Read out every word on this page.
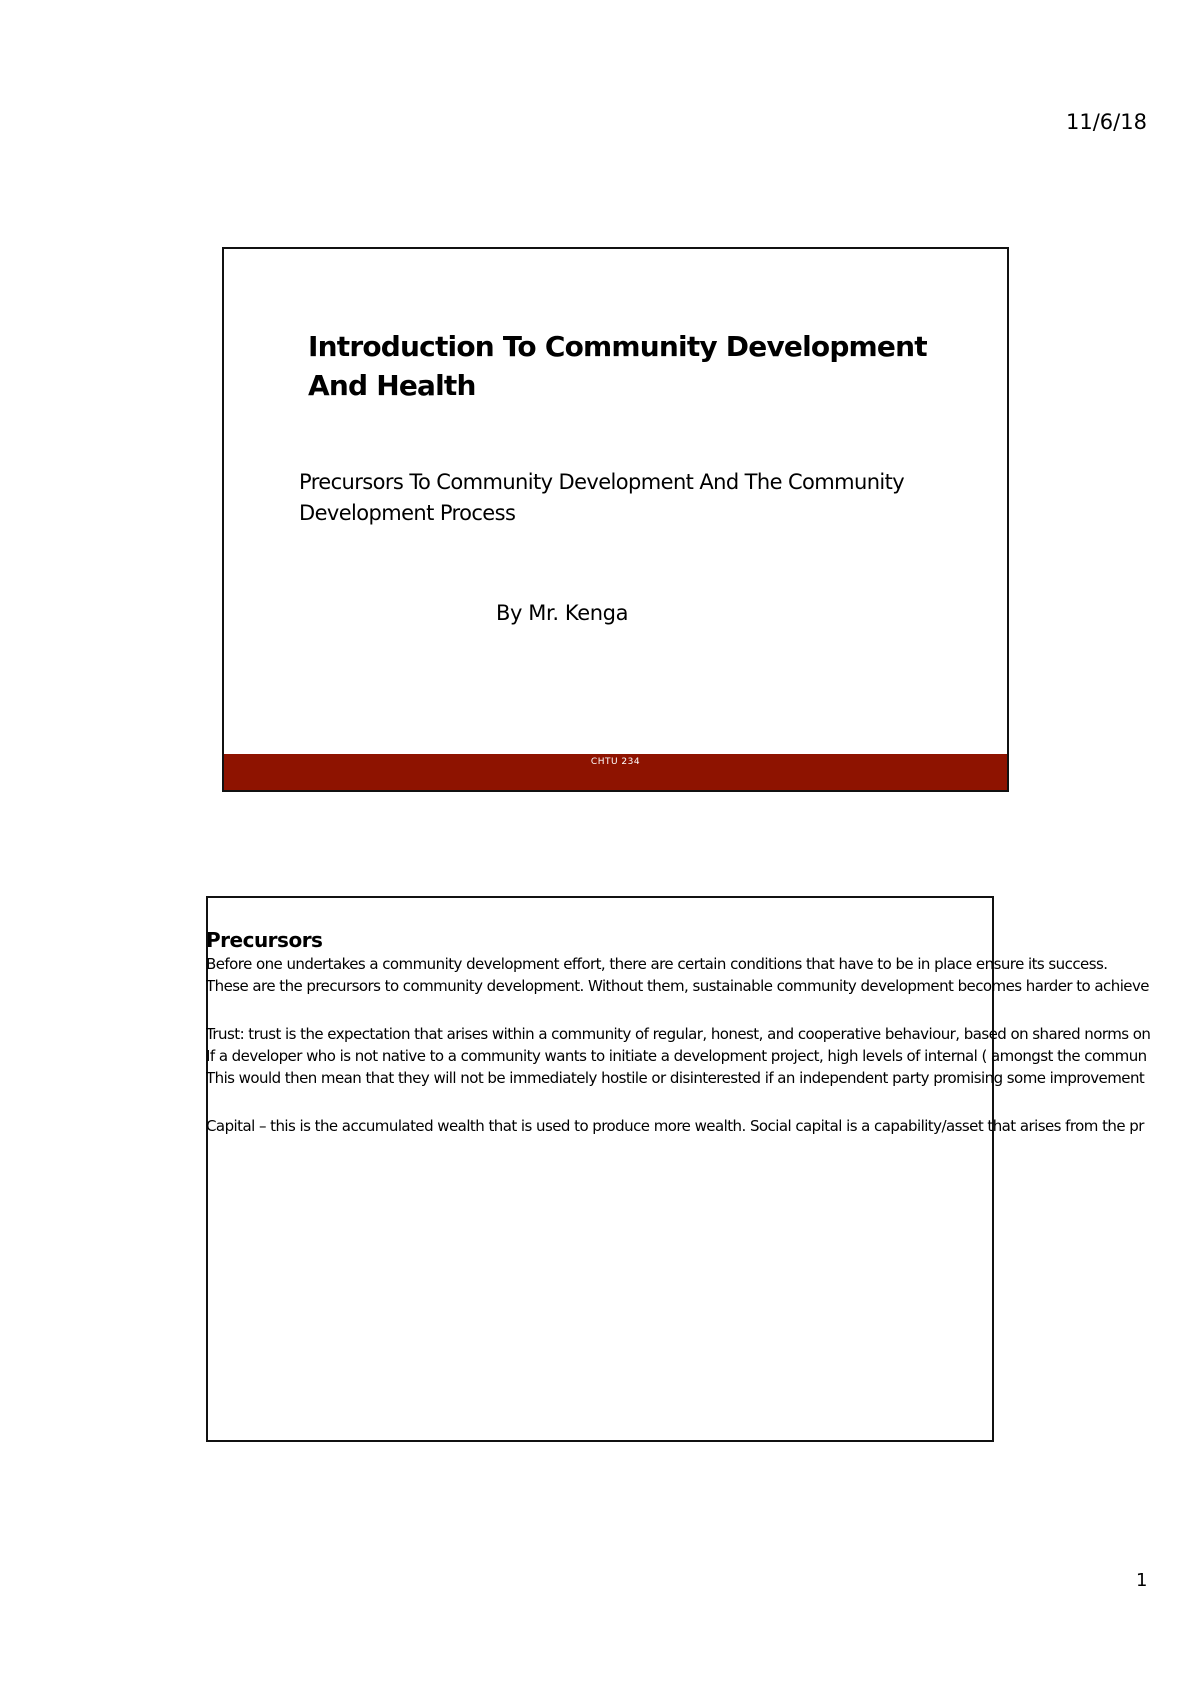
11/6/18
Introduction To Community Development And Health
Precursors To Community Development And The Community Development Process
By Mr. Kenga
CHTU 234
Precursors
Before one undertakes a community development effort, there are certain conditions that have to be in place ensure its success.
These are the precursors to community development. Without them, sustainable community development becomes harder to achieve
Trust: trust is the expectation that arises within a community of regular, honest, and cooperative behaviour, based on shared norms on
If a developer who is not native to a community wants to initiate a development project, high levels of internal ( amongst the commun
This would then mean that they will not be immediately hostile or disinterested if an independent party promising some improvement
Capital – this is the accumulated wealth that is used to produce more wealth. Social capital is a capability/asset that arises from the pr
1
